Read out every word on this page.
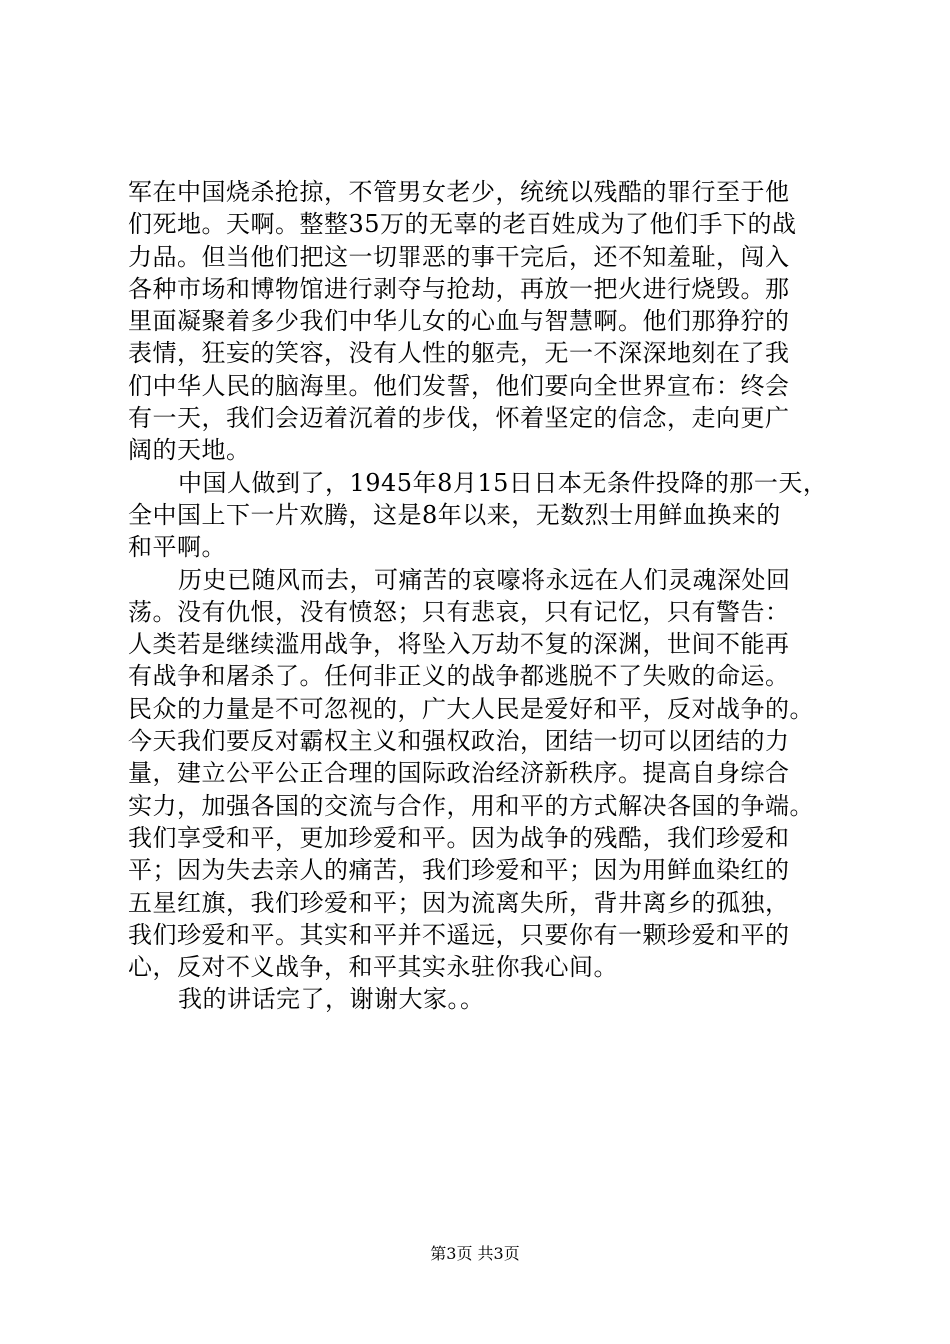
军在中国烧杀抢掠，不管男女老少，统统以残酷的罪行至于他
们死地。天啊。整整35万的无辜的老百姓成为了他们手下的战
力品。但当他们把这一切罪恶的事干完后，还不知羞耻，闯入
各种市场和博物馆进行剥夺与抢劫，再放一把火进行烧毁。那
里面凝聚着多少我们中华儿女的心血与智慧啊。他们那狰狞的
表情，狂妄的笑容，没有人性的躯壳，无一不深深地刻在了我
们中华人民的脑海里。他们发誓，他们要向全世界宣布：终会
有一天，我们会迈着沉着的步伐，怀着坚定的信念，走向更广
阔的天地。
中国人做到了，1945年8月15日日本无条件投降的那一天，
全中国上下一片欢腾，这是8年以来，无数烈士用鲜血换来的
和平啊。
历史已随风而去，可痛苦的哀嚎将永远在人们灵魂深处回
荡。没有仇恨，没有愤怒；只有悲哀，只有记忆，只有警告：
人类若是继续滥用战争，将坠入万劫不复的深渊，世间不能再
有战争和屠杀了。任何非正义的战争都逃脱不了失败的命运。
民众的力量是不可忽视的，广大人民是爱好和平，反对战争的。
今天我们要反对霸权主义和强权政治，团结一切可以团结的力
量，建立公平公正合理的国际政治经济新秩序。提高自身综合
实力，加强各国的交流与合作，用和平的方式解决各国的争端。
我们享受和平，更加珍爱和平。因为战争的残酷，我们珍爱和
平；因为失去亲人的痛苦，我们珍爱和平；因为用鲜血染红的
五星红旗，我们珍爱和平；因为流离失所，背井离乡的孤独，
我们珍爱和平。其实和平并不遥远，只要你有一颗珍爱和平的
心，反对不义战争，和平其实永驻你我心间。
我的讲话完了，谢谢大家。。
第3页 共3页
